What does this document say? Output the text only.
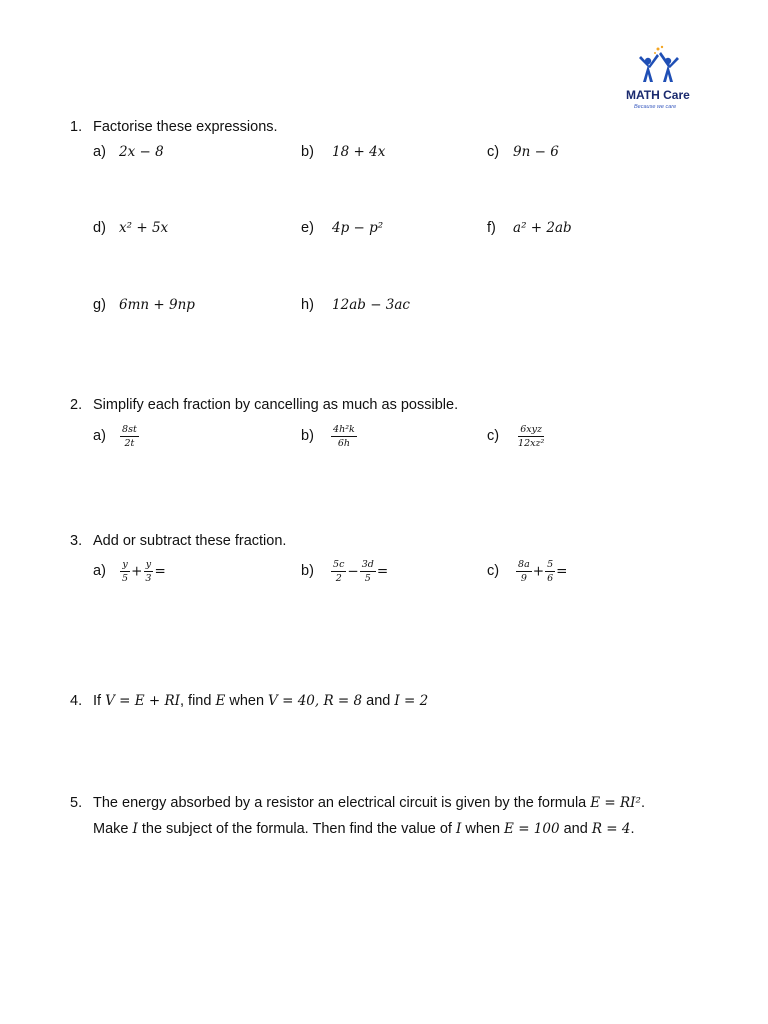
MATH Care
Because we care
1. Factorise these expressions.
a) 2x − 8	b) 18 + 4x	c) 9n − 6
d) x² + 5x	e) 4p − p²	f) a² + 2ab
g) 6mn + 9np	h) 12ab − 3ac
2. Simplify each fraction by cancelling as much as possible.
$a) \frac{8st}{2t}$	$b) \frac{\text{4h²k}}{6h}$	$c) \frac{\text{6xyz}}{\text{12xz²}}$
3. Add or subtract these fraction.
$a) \frac{y}{5} + \frac{y}{3}$ =	$b) \frac{5c}{2} - \frac{3d}{5}$ =	$c) \frac{8a}{9} + \frac{5}{6}$ =
4. If V = E + RI, find E when V = 40, R = 8 and I = 2
5. The energy absorbed by a resistor an electrical circuit is given by the formula E = RI².
Make I the subject of the formula. Then find the value of I when E = 100 and R = 4.
